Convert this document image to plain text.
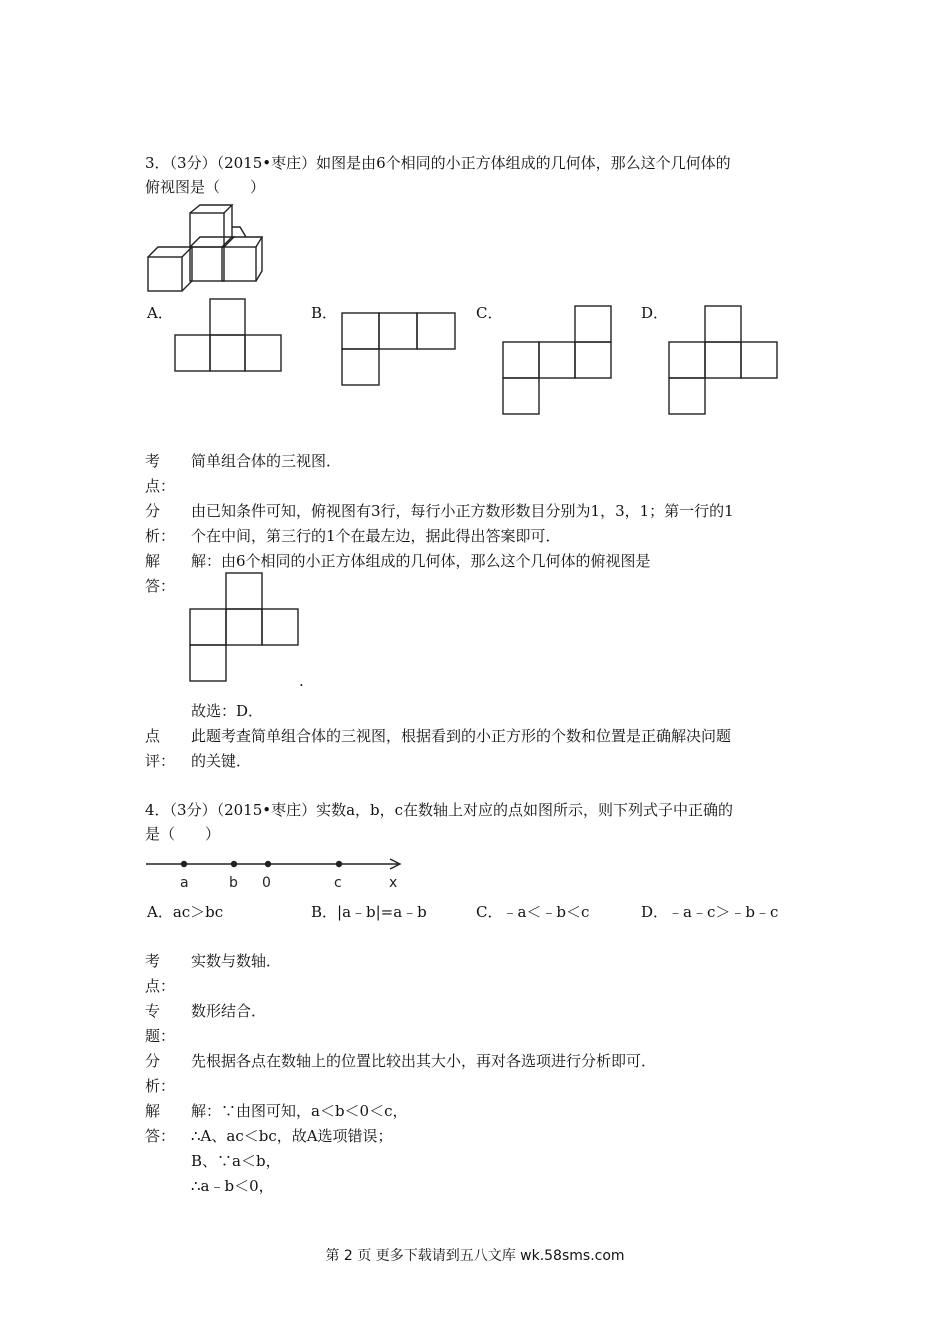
3．（3分）（2015•枣庄）如图是由6个相同的小正方体组成的几何体，那么这个几何体的
俯视图是（　　）
A．	B．	C．	D．
考
点：
简单组合体的三视图．
分
析：
由已知条件可知，俯视图有3行，每行小正方数形数目分别为1，3，1；第一行的1
个在中间，第三行的1个在最左边，据此得出答案即可．
解
答：
解：由6个相同的小正方体组成的几何体，那么这个几何体的俯视图是
.
故选：D．
点
评：
此题考查简单组合体的三视图，根据看到的小正方形的个数和位置是正确解决问题
的关键．
4．（3分）（2015•枣庄）实数a，b，c在数轴上对应的点如图所示，则下列式子中正确的
是（　　）
a	b 0	c	x
A．ac＞bc	B．|a﹣b|=a﹣b	C．﹣a＜﹣b＜c	D．﹣a﹣c＞﹣b﹣c
考
点：
实数与数轴．
专
题：
数形结合．
分
析：
先根据各点在数轴上的位置比较出其大小，再对各选项进行分析即可．
解
答：
解：∵由图可知，a＜b＜0＜c，
∴A、ac＜bc，故A选项错误；
B、∵a＜b，
∴a﹣b＜0，
第 2 页 更多下载请到五八文库 wk.58sms.com
